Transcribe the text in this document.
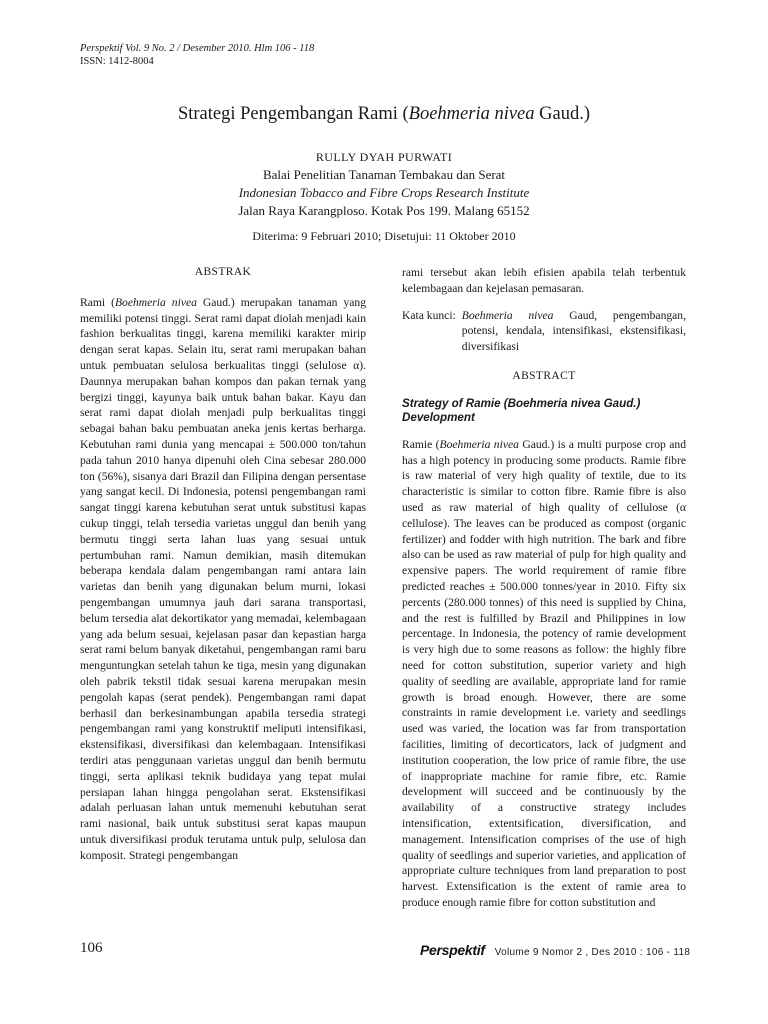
Perspektif Vol. 9 No. 2 / Desember 2010. Hlm 106 - 118
ISSN: 1412-8004
Strategi Pengembangan Rami (Boehmeria nivea Gaud.)
RULLY DYAH PURWATI
Balai Penelitian Tanaman Tembakau dan Serat
Indonesian Tobacco and Fibre Crops Research Institute
Jalan Raya Karangploso. Kotak Pos 199. Malang 65152
Diterima: 9 Februari 2010; Disetujui: 11 Oktober 2010
ABSTRAK

Rami (Boehmeria nivea Gaud.) merupakan tanaman yang memiliki potensi tinggi. Serat rami dapat diolah menjadi kain fashion berkualitas tinggi, karena memiliki karakter mirip dengan serat kapas. Selain itu, serat rami merupakan bahan untuk pembuatan selulosa berkualitas tinggi (selulose α). Daunnya merupakan bahan kompos dan pakan ternak yang bergizi tinggi, kayunya baik untuk bahan bakar. Kayu dan serat rami dapat diolah menjadi pulp berkualitas tinggi sebagai bahan baku pembuatan aneka jenis kertas berharga. Kebutuhan rami dunia yang mencapai ± 500.000 ton/tahun pada tahun 2010 hanya dipenuhi oleh Cina sebesar 280.000 ton (56%), sisanya dari Brazil dan Filipina dengan persentase yang sangat kecil. Di Indonesia, potensi pengembangan rami sangat tinggi karena kebutuhan serat untuk substitusi kapas cukup tinggi, telah tersedia varietas unggul dan benih yang bermutu tinggi serta lahan luas yang sesuai untuk pertumbuhan rami. Namun demikian, masih ditemukan beberapa kendala dalam pengembangan rami antara lain varietas dan benih yang digunakan belum murni, lokasi pengembangan umumnya jauh dari sarana transportasi, belum tersedia alat dekortikator yang memadai, kelembagaan yang ada belum sesuai, kejelasan pasar dan kepastian harga serat rami belum banyak diketahui, pengembangan rami baru menguntungkan setelah tahun ke tiga, mesin yang digunakan oleh pabrik tekstil tidak sesuai karena merupakan mesin pengolah kapas (serat pendek). Pengembangan rami dapat berhasil dan berkesinambungan apabila tersedia strategi pengembangan rami yang konstruktif meliputi intensifikasi, ekstensifikasi, diversifikasi dan kelembagaan. Intensifikasi terdiri atas penggunaan varietas unggul dan benih bermutu tinggi, serta aplikasi teknik budidaya yang tepat mulai persiapan lahan hingga pengolahan serat. Ekstensifikasi adalah perluasan lahan untuk memenuhi kebutuhan serat rami nasional, baik untuk substitusi serat kapas maupun untuk diversifikasi produk terutama untuk pulp, selulosa dan komposit. Strategi pengembangan

rami tersebut akan lebih efisien apabila telah terbentuk kelembagaan dan kejelasan pemasaran.

Kata kunci: Boehmeria nivea Gaud, pengembangan, potensi, kendala, intensifikasi, ekstensifikasi, diversifikasi
ABSTRACT
Strategy of Ramie (Boehmeria nivea Gaud.) Development

Ramie (Boehmeria nivea Gaud.) is a multi purpose crop and has a high potency in producing some products. Ramie fibre is raw material of very high quality of textile, due to its characteristic is similar to cotton fibre. Ramie fibre is also used as raw material of high quality of cellulose (α cellulose). The leaves can be produced as compost (organic fertilizer) and fodder with high nutrition. The bark and fibre also can be used as raw material of pulp for high quality and expensive papers. The world requirement of ramie fibre predicted reaches ± 500.000 tonnes/year in 2010. Fifty six percents (280.000 tonnes) of this need is supplied by China, and the rest is fulfilled by Brazil and Philippines in low percentage. In Indonesia, the potency of ramie development is very high due to some reasons as follow: the highly fibre need for cotton substitution, superior variety and high quality of seedling are available, appropriate land for ramie growth is broad enough. However, there are some constraints in ramie development i.e. variety and seedlings used was varied, the location was far from transportation facilities, limiting of decorticators, lack of judgment and institution cooperation, the low price of ramie fibre, the use of inappropriate machine for ramie fibre, etc. Ramie development will succeed and be continuously by the availability of a constructive strategy includes intensification, extentsification, diversification, and management. Intensification comprises of the use of high quality of seedlings and superior varieties, and application of appropriate culture techniques from land preparation to post harvest. Extensification is the extent of ramie area to produce enough ramie fibre for cotton substitution and

106	Perspektif Volume 9 Nomor 2 , Des 2010 : 106 - 118
